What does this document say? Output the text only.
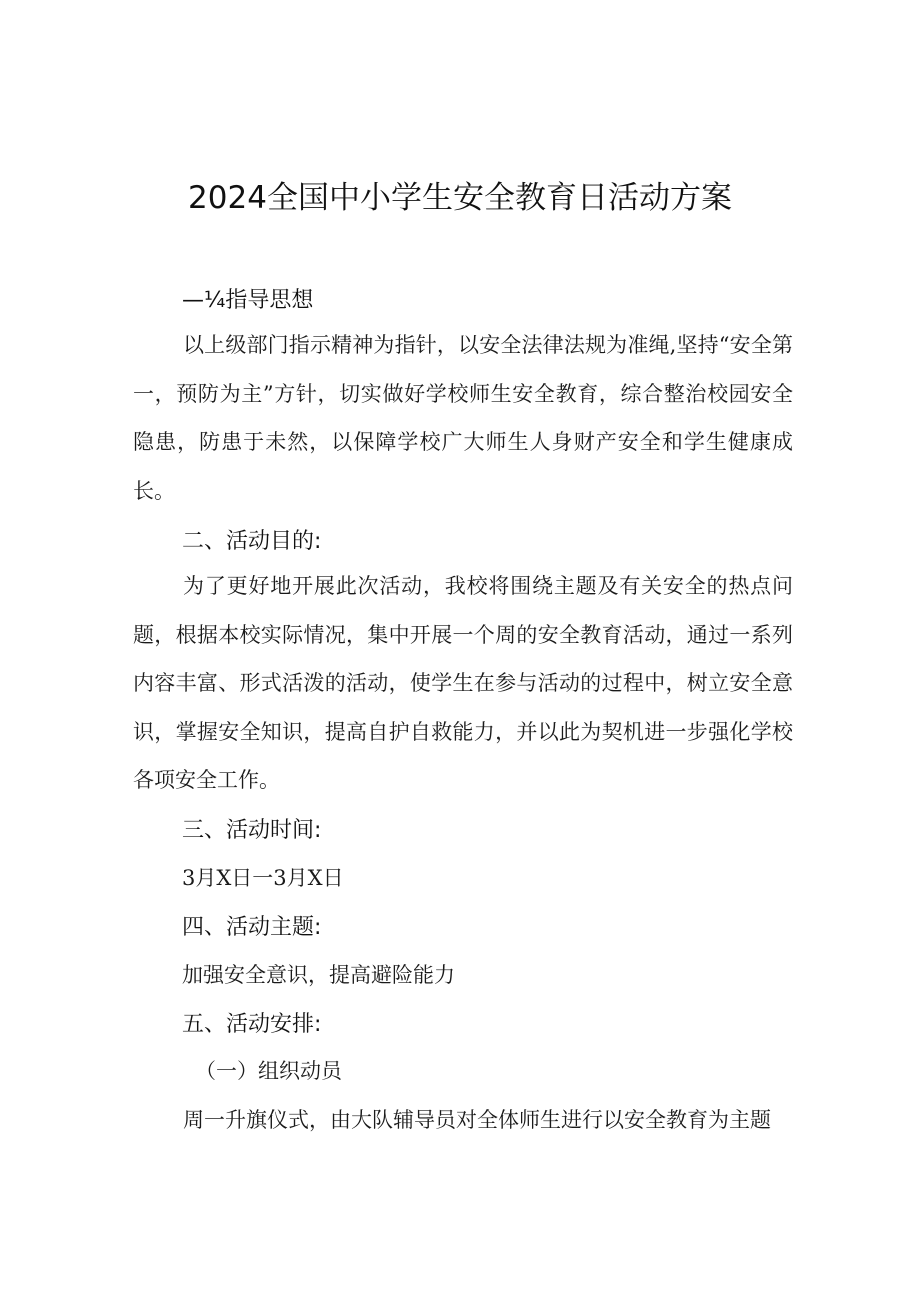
2024全国中小学生安全教育日活动方案
—¼指导思想

以上级部门指示精神为指针，以安全法律法规为准绳,坚持“安全第一，预防为主”方针，切实做好学校师生安全教育，综合整治校园安全隐患，防患于未然，以保障学校广大师生人身财产安全和学生健康成长。

二、活动目的:

为了更好地开展此次活动，我校将围绕主题及有关安全的热点问题，根据本校实际情况，集中开展一个周的安全教育活动，通过一系列内容丰富、形式活泼的活动，使学生在参与活动的过程中，树立安全意识，掌握安全知识，提高自护自救能力，并以此为契机进一步强化学校各项安全工作。

三、活动时间:

3月X日一3月X日

四、活动主题:

加强安全意识，提高避险能力

五、活动安排:

（一）组织动员

周一升旗仪式，由大队辅导员对全体师生进行以安全教育为主题
